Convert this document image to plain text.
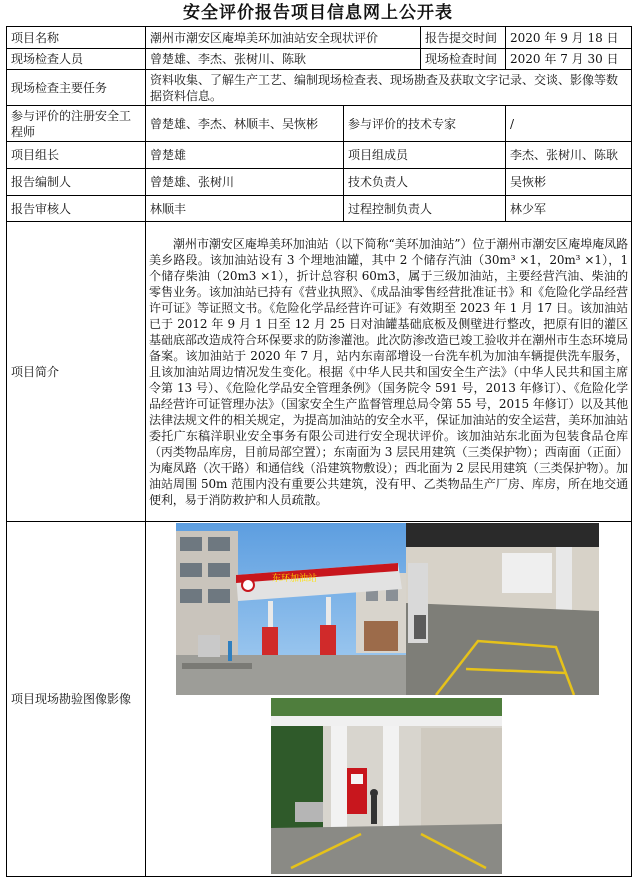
安全评价报告项目信息网上公开表
项目名称	潮州市潮安区庵埠美环加油站安全现状评价		报告提交时间	2020 年 9 月 18 日
现场检查人员	曾楚雄、李杰、张树川、陈耿		现场检查时间	2020 年 7 月 30 日
现场检查主要任务	资料收集、了解生产工艺、编制现场检查表、现场勘查及获取文字记录、交谈、影像等数据资料信息。			
参与评价的注册安全工程师	曾楚雄、李杰、林顺丰、吴恢彬	参与评价的技术专家		/
项目组长	曾楚雄	项目组成员		李杰、张树川、陈耿
报告编制人	曾楚雄、张树川	技术负责人		吴恢彬
报告审核人	林顺丰	过程控制负责人		林少军
项目简介	潮州市潮安区庵埠美环加油站（以下简称“美环加油站”）位于潮州市潮安区庵埠庵凤路美乡路段。该加油站设有 3 个埋地油罐，其中 2 个储存汽油（30m³ ×1，20m³ ×1），1 个储存柴油（20m3 ×1），折计总容积 60m3，属于三级加油站，主要经营汽油、柴油的零售业务。该加油站已持有《营业执照》、《成品油零售经营批准证书》和《危险化学品经营许可证》等证照文书。《危险化学品经营许可证》有效期至 2023 年 1 月 17 日。该加油站已于 2012 年 9 月 1 日至 12 月 25 日对油罐基础底板及侧壁进行整改，把原有旧的灌区基础底部改造成符合环保要求的防渗灌池。此次防渗改造已竣工验收并在潮州市生态环境局备案。该加油站于 2020 年 7 月，站内东南部增设一台洗车机为加油车辆提供洗车服务，且该加油站周边情况发生变化。根据《中华人民共和国安全生产法》（中华人民共和国主席令第 13 号）、《危险化学品安全管理条例》（国务院令 591 号，2013 年修订）、《危险化学品经营许可证管理办法》（国家安全生产监督管理总局令第 55 号，2015 年修订）以及其他法律法规文件的相关规定，为提高加油站的安全水平，保证加油站的安全运营，美环加油站委托广东稿洋职业安全事务有限公司进行安全现状评价。该加油站东北面为包装食品仓库（丙类物品库房，目前局部空置）；东南面为 3 层民用建筑（三类保护物）；西南面（正面）为庵凤路（次干路）和通信线（沿建筑物敷设）；西北面为 2 层民用建筑（三类保护物）。加油站周围 50m 范围内没有重要公共建筑，没有甲、乙类物品生产厂房、库房，所在地交通便利，易于消防救护和人员疏散。			
项目现场勘验图像影像	东环加油站			
